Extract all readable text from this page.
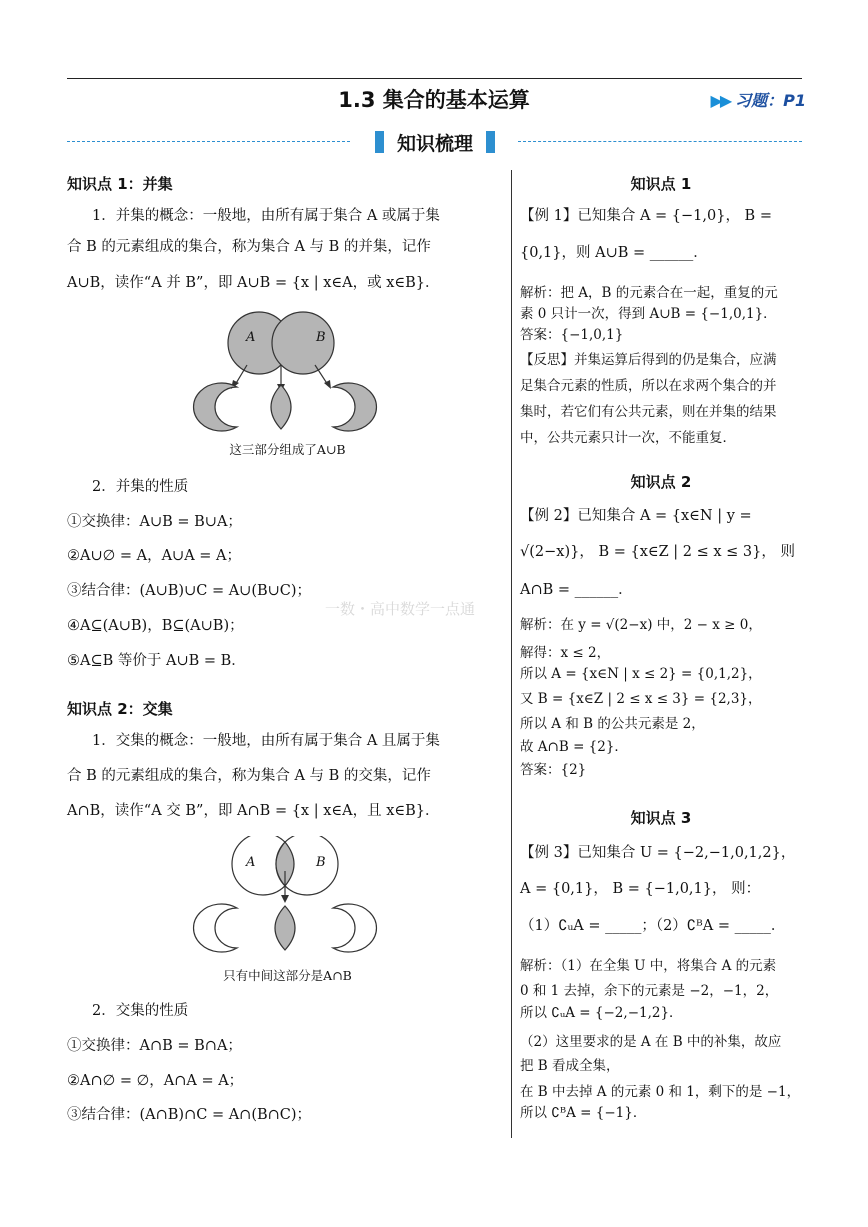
1.3 集合的基本运算	▶▶ 习题：P1
知识梳理
知识点 1：并集
1．并集的概念：一般地，由所有属于集合 A 或属于集
合 B 的元素组成的集合，称为集合 A 与 B 的并集，记作
A∪B，读作“A 并 B”，即 A∪B = {x | x∈A，或 x∈B}．
A	B
这三部分组成了A∪B
2．并集的性质
①交换律：A∪B = B∪A；
②A∪∅ = A，A∪A = A；
③结合律：(A∪B)∪C = A∪(B∪C)；
④A⊆(A∪B)，B⊆(A∪B)；
⑤A⊆B 等价于 A∪B = B．
知识点 2：交集
1．交集的概念：一般地，由所有属于集合 A 且属于集
合 B 的元素组成的集合，称为集合 A 与 B 的交集，记作
A∩B，读作“A 交 B”，即 A∩B = {x | x∈A，且 x∈B}．
A	B
只有中间这部分是A∩B
2．交集的性质
①交换律：A∩B = B∩A；
②A∩∅ = ∅，A∩A = A；
③结合律：(A∩B)∩C = A∩(B∩C)；
知识点 1
【例 1】已知集合 A = {−1,0}， B =
{0,1}，则 A∪B = ______．
解析：把 A，B 的元素合在一起，重复的元
素 0 只计一次，得到 A∪B = {−1,0,1}．
答案：{−1,0,1}
【反思】并集运算后得到的仍是集合，应满
足集合元素的性质，所以在求两个集合的并
集时，若它们有公共元素，则在并集的结果
中，公共元素只计一次，不能重复．
知识点 2
【例 2】已知集合 A = {x∈N | y =
√(2−x)}， B = {x∈Z | 2 ≤ x ≤ 3}， 则
A∩B = ______．
一数・高中数学一点通
解析：在 y = √(2−x) 中，2 − x ≥ 0，
解得：x ≤ 2，
所以 A = {x∈N | x ≤ 2} = {0,1,2}，
又 B = {x∈Z | 2 ≤ x ≤ 3} = {2,3}，
所以 A 和 B 的公共元素是 2，
故 A∩B = {2}．
答案：{2}
知识点 3
【例 3】已知集合 U = {−2,−1,0,1,2}，
A = {0,1}， B = {−1,0,1}， 则：
（1）∁ᵤA = _____；（2）∁ᴮA = _____．
解析：（1）在全集 U 中，将集合 A 的元素
0 和 1 去掉，余下的元素是 −2，−1，2，
所以 ∁ᵤA = {−2,−1,2}．
（2）这里要求的是 A 在 B 中的补集，故应
把 B 看成全集，
在 B 中去掉 A 的元素 0 和 1，剩下的是 −1，
所以 ∁ᴮA = {−1}．
